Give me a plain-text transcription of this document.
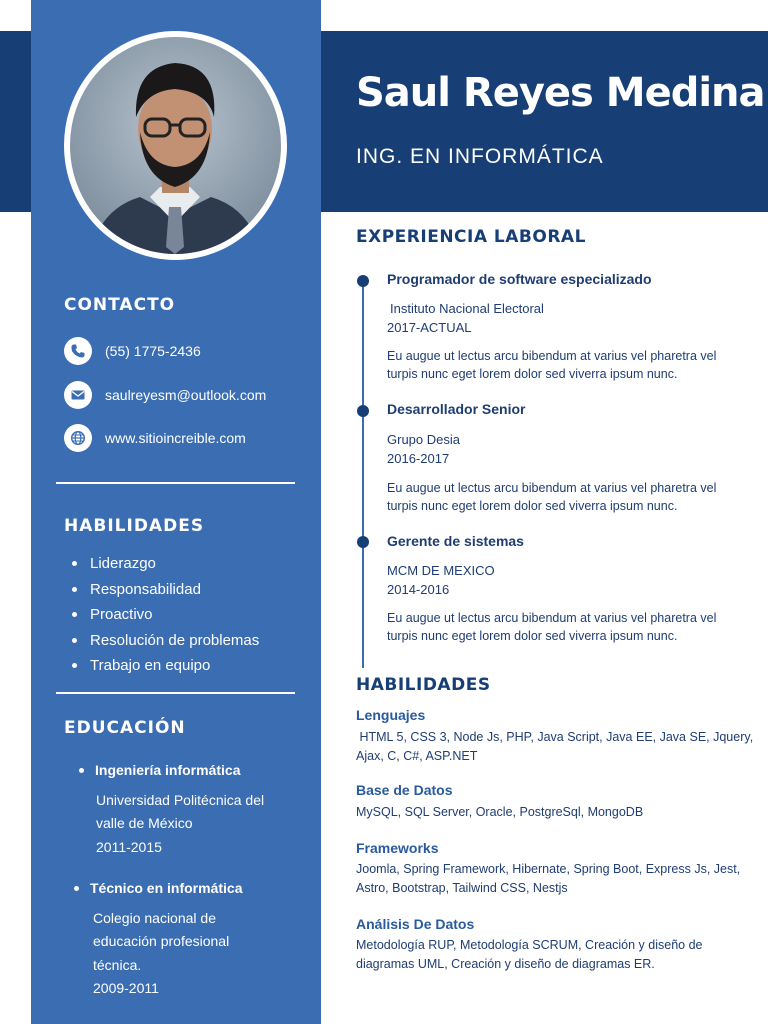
Saul Reyes Medina
ING. EN INFORMÁTICA
CONTACTO
(55) 1775-2436
saulreyesm@outlook.com
www.sitioincreible.com
HABILIDADES
Liderazgo
Responsabilidad
Proactivo
Resolución de problemas
Trabajo en equipo
EDUCACIÓN
Ingeniería informática
Universidad Politécnica del
valle de México
2011-2015
Técnico en informática
Colegio nacional de
educación profesional
técnica.
2009-2011
EXPERIENCIA LABORAL
Programador de software especializado
Instituto Nacional Electoral
2017-ACTUAL
Eu augue ut lectus arcu bibendum at varius vel pharetra vel turpis nunc eget lorem dolor sed viverra ipsum nunc.
Desarrollador Senior
Grupo Desia
2016-2017
Eu augue ut lectus arcu bibendum at varius vel pharetra vel turpis nunc eget lorem dolor sed viverra ipsum nunc.
Gerente de sistemas
MCM DE MEXICO
2014-2016
Eu augue ut lectus arcu bibendum at varius vel pharetra vel turpis nunc eget lorem dolor sed viverra ipsum nunc.
HABILIDADES
Lenguajes
HTML 5, CSS 3, Node Js, PHP, Java Script, Java EE, Java SE, Jquery, Ajax, C, C#, ASP.NET
Base de Datos
MySQL, SQL Server, Oracle, PostgreSql, MongoDB
Frameworks
Joomla, Spring Framework, Hibernate, Spring Boot, Express Js, Jest, Astro, Bootstrap, Tailwind CSS, Nestjs
Análisis De Datos
Metodología RUP, Metodología SCRUM, Creación y diseño de diagramas UML, Creación y diseño de diagramas ER.
